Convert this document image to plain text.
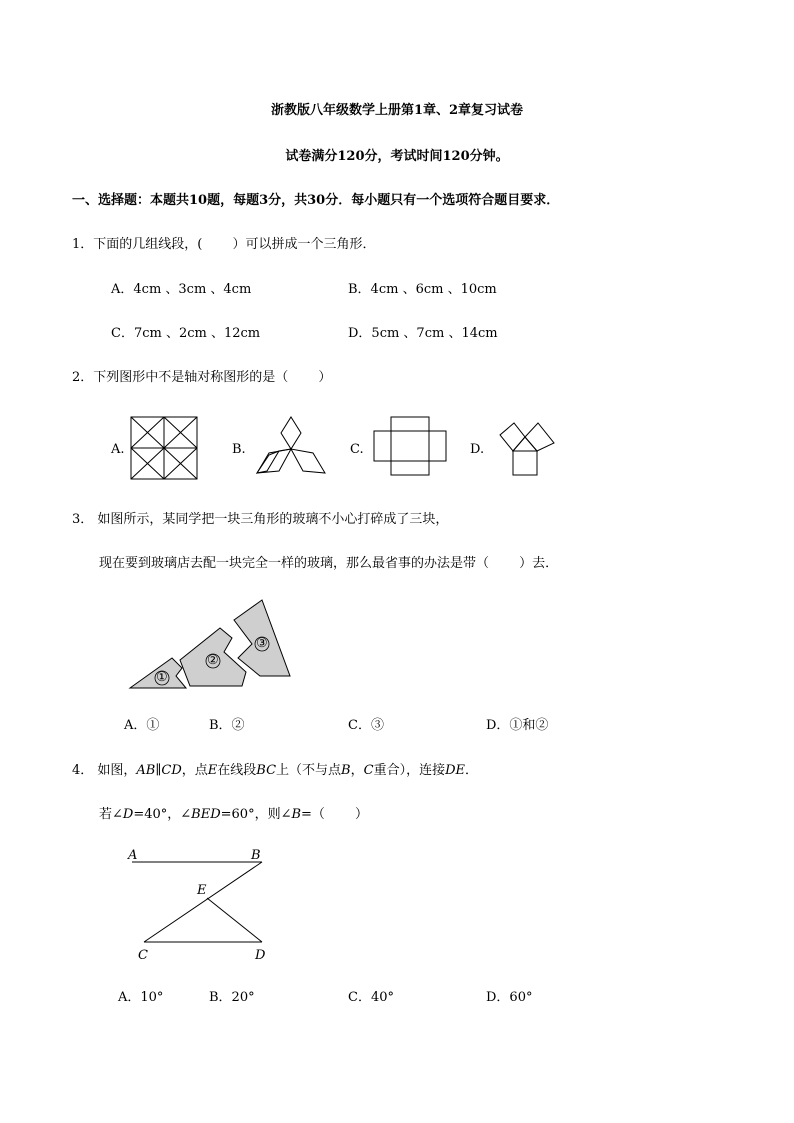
浙教版八年级数学上册第1章、2章复习试卷
试卷满分120分，考试时间120分钟。
一、选择题：本题共10题，每题3分，共30分．每小题只有一个选项符合题目要求．
1．下面的几组线段，(　　 ）可以拼成一个三角形．
A．4cm 、3cm 、4cm	B．4cm 、6cm 、10cm
C．7cm 、2cm 、12cm	D．5cm 、7cm 、14cm
2．下列图形中不是轴对称图形的是（　　 ）
A.	B.	C.	D.
3． 如图所示，某同学把一块三角形的玻璃不小心打碎成了三块，
现在要到玻璃店去配一块完全一样的玻璃，那么最省事的办法是带（　　 ）去．
①
②
③
A．①	B．②	C．③	D．①和②
4． 如图，AB∥CD，点E在线段BC上（不与点B，C重合），连接DE．
若∠D=40°，∠BED=60°，则∠B=（　　 ）
A	B
E
C	D
A．10°	B．20°	C．40°	D．60°
